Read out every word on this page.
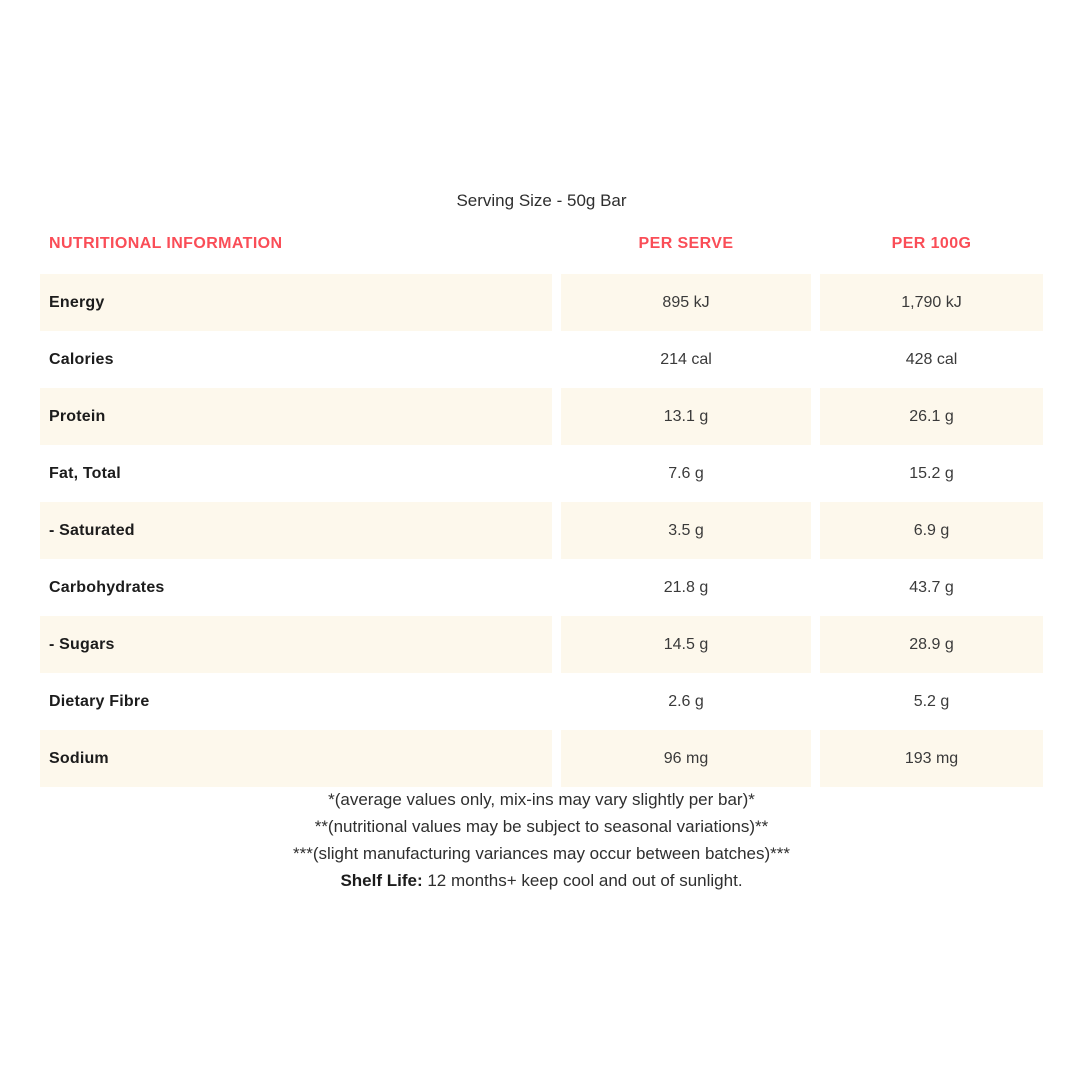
Serving Size - 50g Bar
NUTRITIONAL INFORMATION	PER SERVE	PER 100G
Energy	895 kJ	1,790 kJ
Calories	214 cal	428 cal
Protein	13.1 g	26.1 g
Fat, Total	7.6 g	15.2 g
- Saturated	3.5 g	6.9 g
Carbohydrates	21.8 g	43.7 g
- Sugars	14.5 g	28.9 g
Dietary Fibre	2.6 g	5.2 g
Sodium	96 mg	193 mg
*(average values only, mix-ins may vary slightly per bar)*
**(nutritional values may be subject to seasonal variations)**
***(slight manufacturing variances may occur between batches)***
Shelf Life: 12 months+ keep cool and out of sunlight.
